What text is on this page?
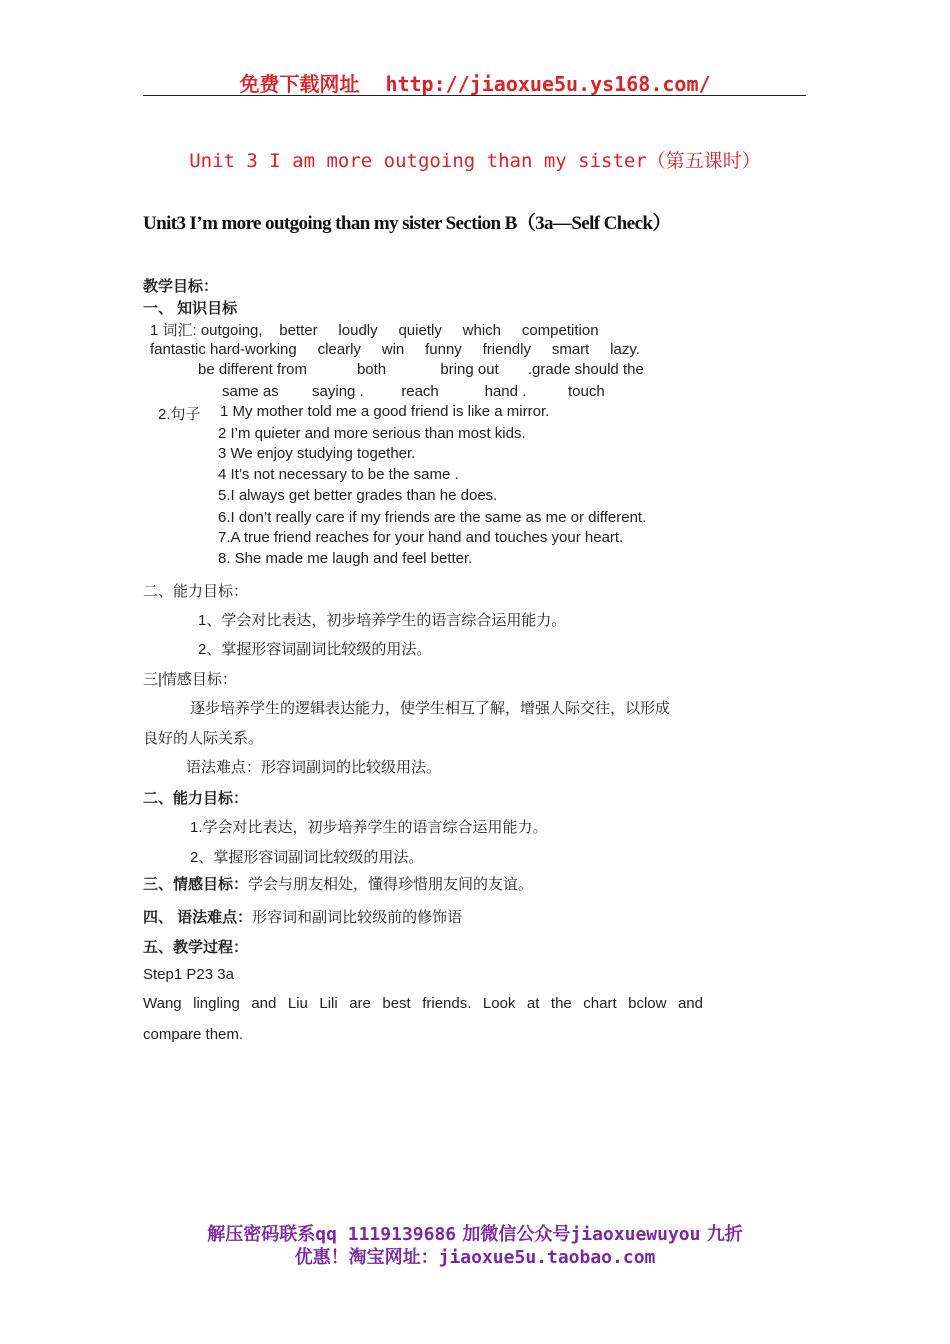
免费下载网址 http://jiaoxue5u.ys168.com/
Unit 3 I am more outgoing than my sister（第五课时）
Unit3 I’m more outgoing than my sister Section B（3a—Self Check）
教学目标：
一、 知识目标
1 词汇: outgoing,    better     loudly     quietly     which     competition
fantastic hard-working     clearly     win     funny     friendly     smart     lazy.
be different from            both             bring out       .grade should the
same as        saying .         reach           hand .          touch
2.句子 1 My mother told me a good friend is like a mirror.
2 I’m quieter and more serious than most kids.
3 We enjoy studying together.
4 It’s not necessary to be the same .
5.I always get better grades than he does.
6.I don’t really care if my friends are the same as me or different.
7.A true friend reaches for your hand and touches your heart.
8. She made me laugh and feel better.
二、能力目标：
1、学会对比表达，初步培养学生的语言综合运用能力。
2、掌握形容词副词比较级的用法。
三|情感目标：
逐步培养学生的逻辑表达能力，使学生相互了解，增强人际交往，以形成
良好的人际关系。
语法难点：形容词副词的比较级用法。
二、能力目标：
1.学会对比表达，初步培养学生的语言综合运用能力。
2、掌握形容词副词比较级的用法。
三、情感目标：学会与朋友相处，懂得珍惜朋友间的友谊。
四、 语法难点：形容词和副词比较级前的修饰语
五、教学过程：
Step1 P23 3a
Wang lingling and Liu Lili are best friends. Look at the chart bclow and
compare them.
解压密码联系qq 1119139686 加微信公众号jiaoxuewuyou 九折
优惠！淘宝网址：jiaoxue5u.taobao.com
